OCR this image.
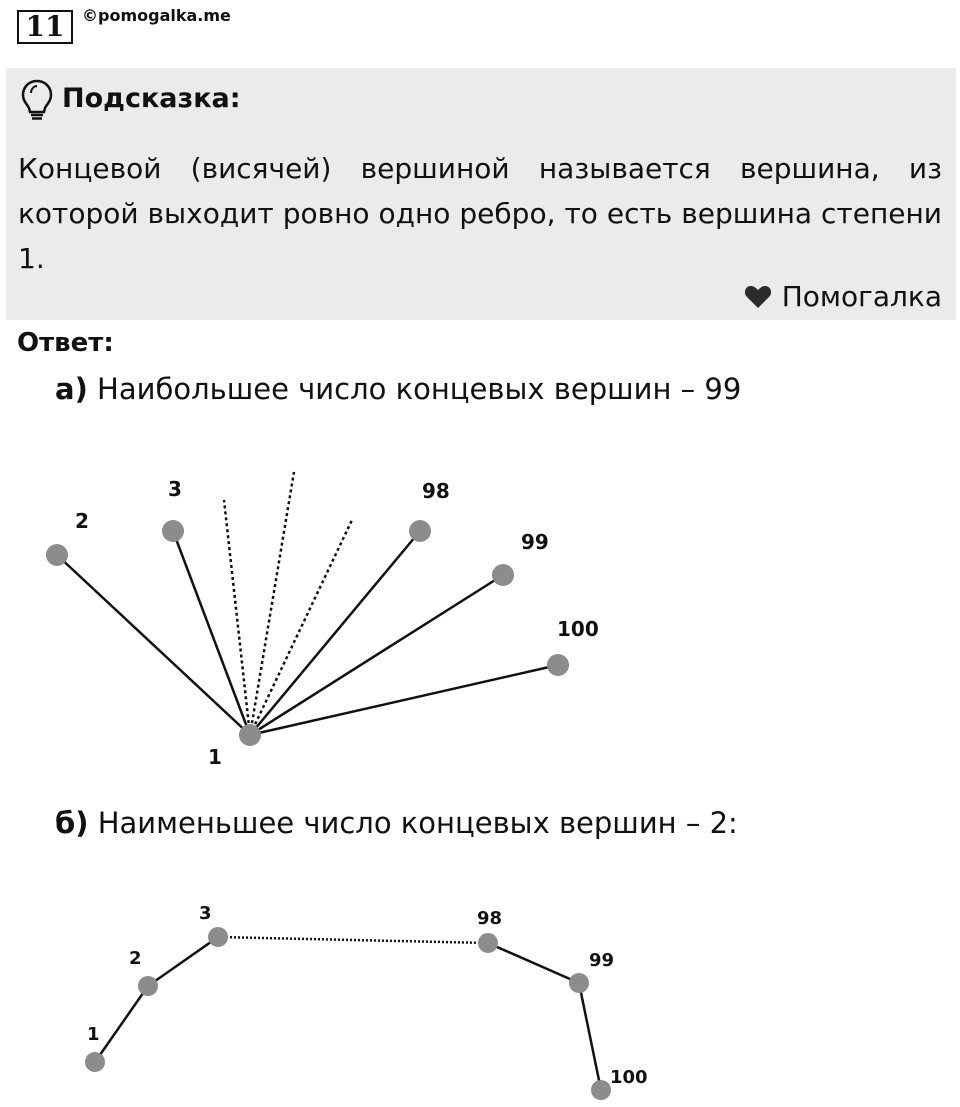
11	©pomogalka.me
Подсказка:
Концевой (висячей) вершиной называется вершина, из которой выходит ровно одно ребро, то есть вершина степени 1.
Помогалка
Ответ:
а) Наибольшее число концевых вершин – 99
1
2
3	98
99
100
б) Наименьшее число концевых вершин – 2:
1
2
3	98
99
100
